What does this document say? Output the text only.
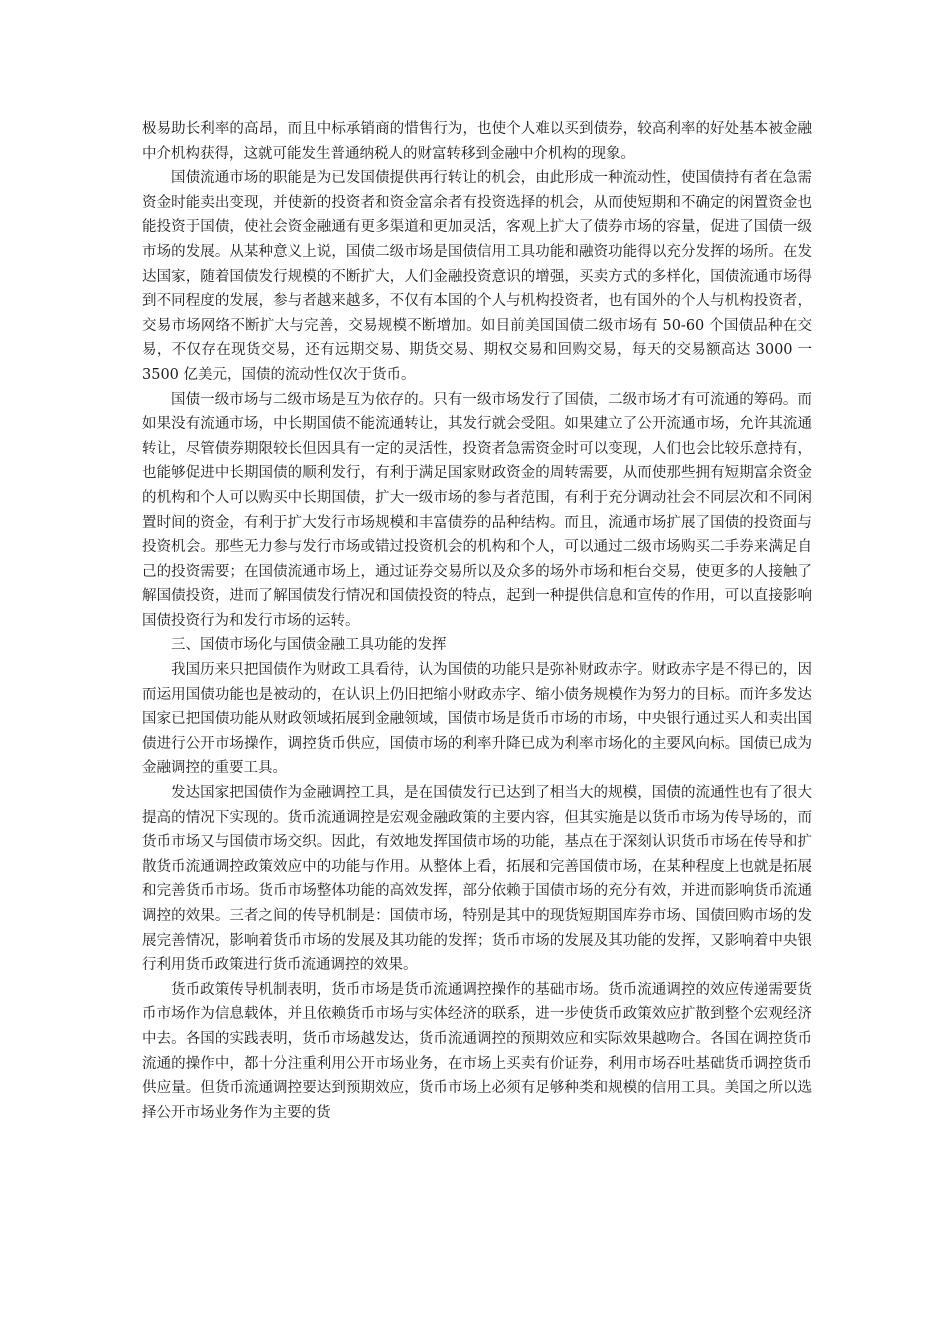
极易助长利率的高昂，而且中标承销商的惜售行为，也使个人难以买到债券，较高利率的好处基本被金融中介机构获得，这就可能发生普通纳税人的财富转移到金融中介机构的现象。

国债流通市场的职能是为已发国债提供再行转让的机会，由此形成一种流动性，使国债持有者在急需资金时能卖出变现，并使新的投资者和资金富余者有投资选择的机会，从而使短期和不确定的闲置资金也能投资于国债，使社会资金融通有更多渠道和更加灵活，客观上扩大了债券市场的容量，促进了国债一级市场的发展。从某种意义上说，国债二级市场是国债信用工具功能和融资功能得以充分发挥的场所。在发达国家，随着国债发行规模的不断扩大，人们金融投资意识的增强，买卖方式的多样化，国债流通市场得到不同程度的发展，参与者越来越多，不仅有本国的个人与机构投资者，也有国外的个人与机构投资者，交易市场网络不断扩大与完善，交易规模不断增加。如目前美国国债二级市场有 50-60 个国债品种在交易，不仅存在现货交易，还有远期交易、期货交易、期权交易和回购交易，每天的交易额高达 3000 一 3500 亿美元，国债的流动性仅次于货币。

国债一级市场与二级市场是互为依存的。只有一级市场发行了国债，二级市场才有可流通的筹码。而如果没有流通市场，中长期国债不能流通转让，其发行就会受阻。如果建立了公开流通市场，允许其流通转让，尽管债券期限较长但因具有一定的灵活性，投资者急需资金时可以变现，人们也会比较乐意持有，也能够促进中长期国债的顺利发行，有利于满足国家财政资金的周转需要，从而使那些拥有短期富余资金的机构和个人可以购买中长期国债，扩大一级市场的参与者范围，有利于充分调动社会不同层次和不同闲置时间的资金，有利于扩大发行市场规模和丰富债券的品种结构。而且，流通市场扩展了国债的投资面与投资机会。那些无力参与发行市场或错过投资机会的机构和个人，可以通过二级市场购买二手券来满足自己的投资需要；在国债流通市场上，通过证券交易所以及众多的场外市场和柜台交易，使更多的人接触了解国债投资，进而了解国债发行情况和国债投资的特点，起到一种提供信息和宣传的作用，可以直接影响国债投资行为和发行市场的运转。

三、国债市场化与国债金融工具功能的发挥

我国历来只把国债作为财政工具看待，认为国债的功能只是弥补财政赤字。财政赤字是不得已的，因而运用国债功能也是被动的，在认识上仍旧把缩小财政赤字、缩小债务规模作为努力的目标。而许多发达国家已把国债功能从财政领域拓展到金融领域，国债市场是货币市场的市场，中央银行通过买人和卖出国债进行公开市场操作，调控货币供应，国债市场的利率升降已成为利率市场化的主要风向标。国债已成为金融调控的重要工具。

发达国家把国债作为金融调控工具，是在国债发行已达到了相当大的规模，国债的流通性也有了很大提高的情况下实现的。货币流通调控是宏观金融政策的主要内容，但其实施是以货币市场为传导场的，而货币市场又与国债市场交织。因此，有效地发挥国债市场的功能，基点在于深刻认识货币市场在传导和扩散货币流通调控政策效应中的功能与作用。从整体上看，拓展和完善国债市场，在某种程度上也就是拓展和完善货币市场。货币市场整体功能的高效发挥，部分依赖于国债市场的充分有效，并进而影响货币流通调控的效果。三者之间的传导机制是：国债市场，特别是其中的现货短期国库券市场、国债回购市场的发展完善情况，影响着货币市场的发展及其功能的发挥；货币市场的发展及其功能的发挥，又影响着中央银行利用货币政策进行货币流通调控的效果。

货币政策传导机制表明，货币市场是货币流通调控操作的基础市场。货币流通调控的效应传递需要货币市场作为信息载体，并且依赖货币市场与实体经济的联系，进一步使货币政策效应扩散到整个宏观经济中去。各国的实践表明，货币市场越发达，货币流通调控的预期效应和实际效果越吻合。各国在调控货币流通的操作中，都十分注重利用公开市场业务，在市场上买卖有价证券，利用市场吞吐基础货币调控货币供应量。但货币流通调控要达到预期效应，货币市场上必须有足够种类和规模的信用工具。美国之所以选择公开市场业务作为主要的货
